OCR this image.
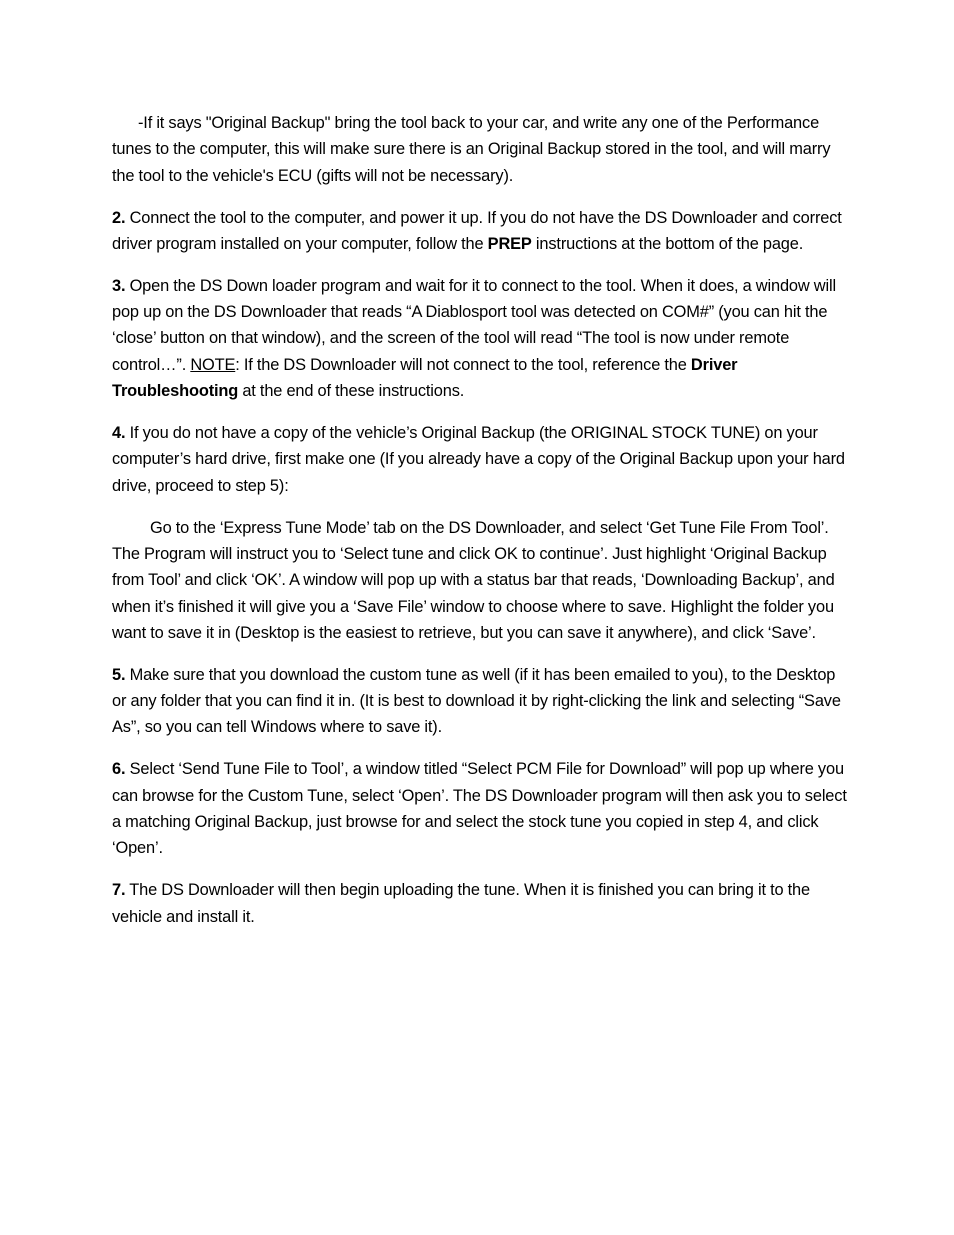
-If it says "Original Backup" bring the tool back to your car, and write any one of the Performance tunes to the computer, this will make sure there is an Original Backup stored in the tool, and will marry the tool to the vehicle's ECU (gifts will not be necessary).

2. Connect the tool to the computer, and power it up. If you do not have the DS Downloader and correct driver program installed on your computer, follow the PREP instructions at the bottom of the page.

3. Open the DS Down loader program and wait for it to connect to the tool. When it does, a window will pop up on the DS Downloader that reads “A Diablosport tool was detected on COM#” (you can hit the ‘close’ button on that window), and the screen of the tool will read “The tool is now under remote control…”. NOTE: If the DS Downloader will not connect to the tool, reference the Driver Troubleshooting at the end of these instructions.

4. If you do not have a copy of the vehicle’s Original Backup (the ORIGINAL STOCK TUNE) on your computer’s hard drive, first make one (If you already have a copy of the Original Backup upon your hard drive, proceed to step 5):

Go to the ‘Express Tune Mode’ tab on the DS Downloader, and select ‘Get Tune File From Tool’. The Program will instruct you to ‘Select tune and click OK to continue’. Just highlight ‘Original Backup from Tool’ and click ‘OK’. A window will pop up with a status bar that reads, ‘Downloading Backup’, and when it’s finished it will give you a ‘Save File’ window to choose where to save. Highlight the folder you want to save it in (Desktop is the easiest to retrieve, but you can save it anywhere), and click ‘Save’.

5. Make sure that you download the custom tune as well (if it has been emailed to you), to the Desktop or any folder that you can find it in. (It is best to download it by right-clicking the link and selecting “Save As”, so you can tell Windows where to save it).

6. Select ‘Send Tune File to Tool’, a window titled “Select PCM File for Download” will pop up where you can browse for the Custom Tune, select ‘Open’. The DS Downloader program will then ask you to select a matching Original Backup, just browse for and select the stock tune you copied in step 4, and click ‘Open’.

7. The DS Downloader will then begin uploading the tune. When it is finished you can bring it to the vehicle and install it.
